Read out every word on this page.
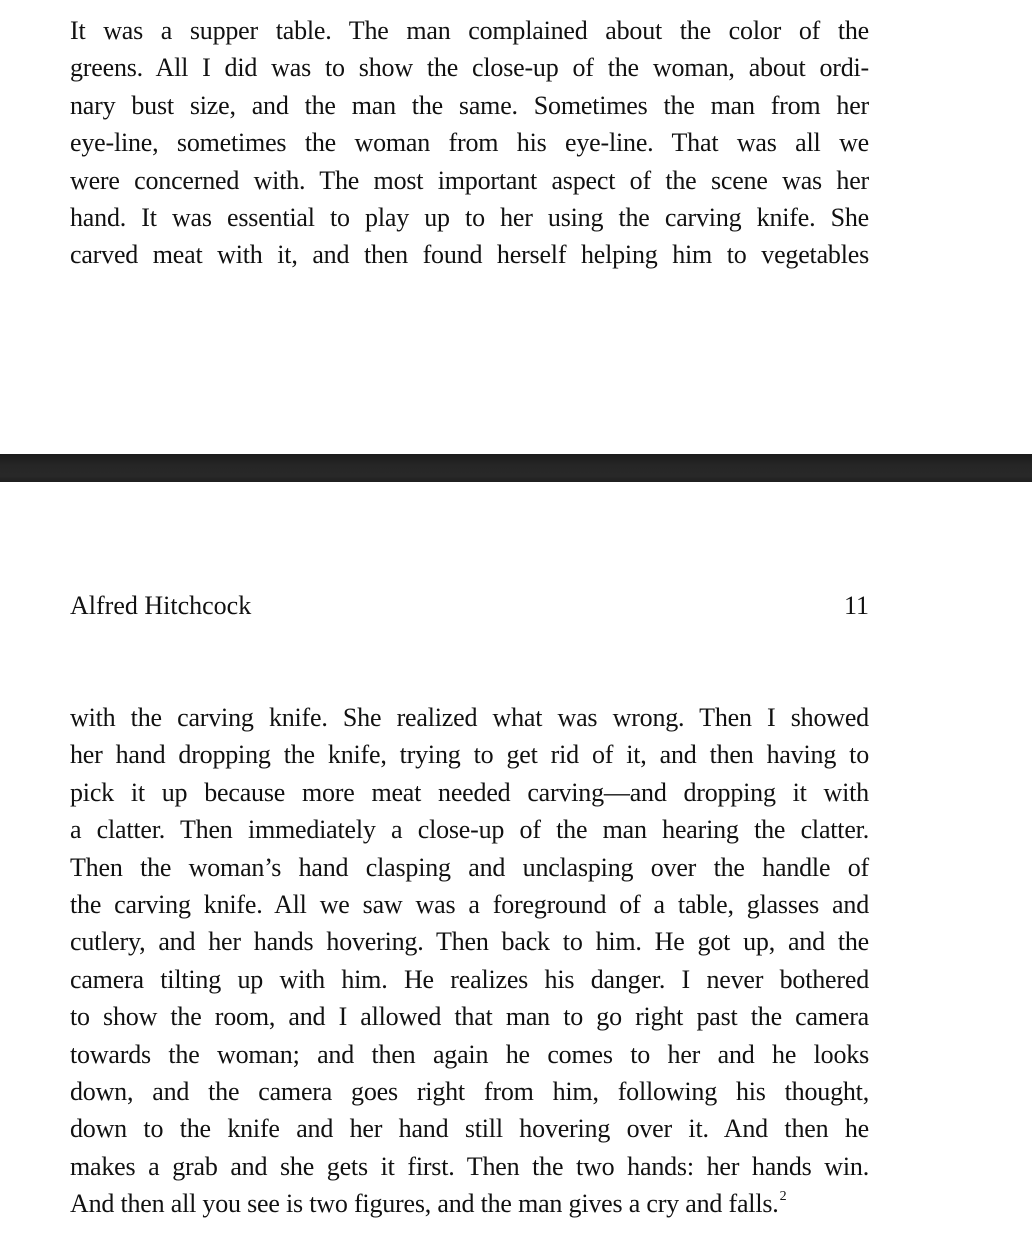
It was a supper table. The man complained about the color of the
greens. All I did was to show the close-up of the woman, about ordi-
nary bust size, and the man the same. Sometimes the man from her
eye-line, sometimes the woman from his eye-line. That was all we
were concerned with. The most important aspect of the scene was her
hand. It was essential to play up to her using the carving knife. She
carved meat with it, and then found herself helping him to vegetables
Alfred Hitchcock	11
with the carving knife. She realized what was wrong. Then I showed
her hand dropping the knife, trying to get rid of it, and then having to
pick it up because more meat needed carving—and dropping it with
a clatter. Then immediately a close-up of the man hearing the clatter.
Then the woman’s hand clasping and unclasping over the handle of
the carving knife. All we saw was a foreground of a table, glasses and
cutlery, and her hands hovering. Then back to him. He got up, and the
camera tilting up with him. He realizes his danger. I never bothered
to show the room, and I allowed that man to go right past the camera
towards the woman; and then again he comes to her and he looks
down, and the camera goes right from him, following his thought,
down to the knife and her hand still hovering over it. And then he
makes a grab and she gets it first. Then the two hands: her hands win.
And then all you see is two figures, and the man gives a cry and falls.$^2$
